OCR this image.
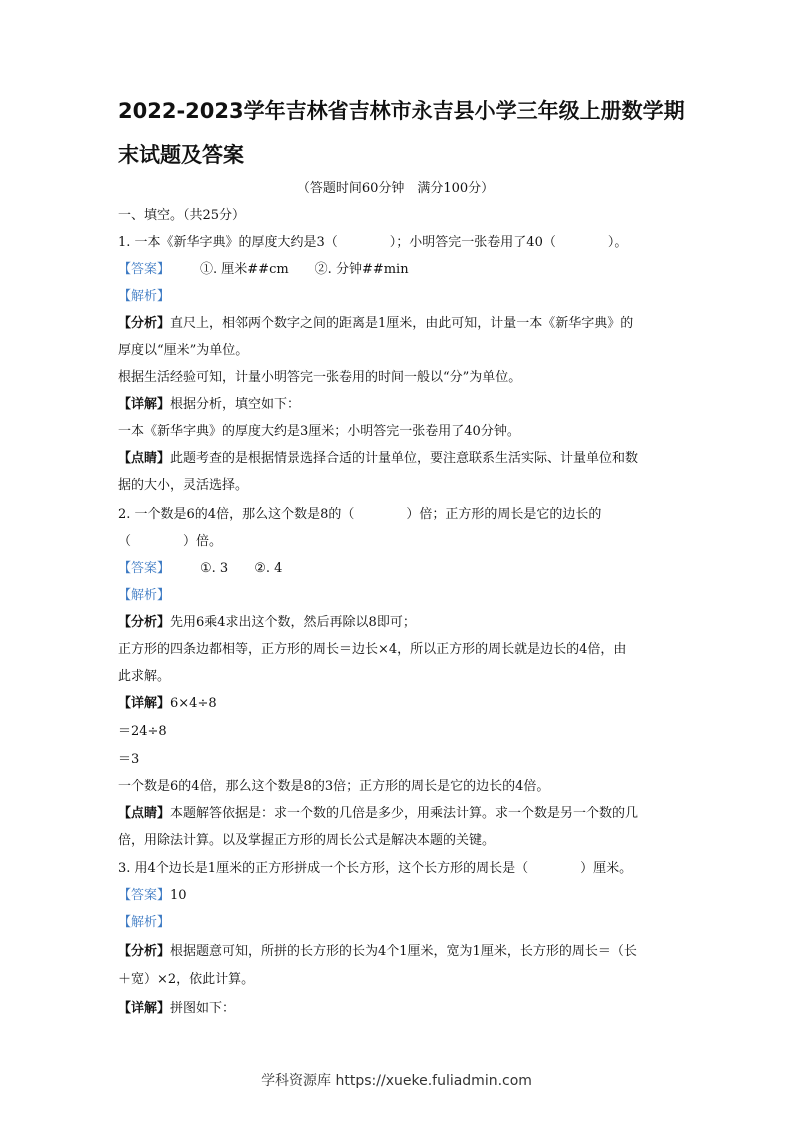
2022-2023学年吉林省吉林市永吉县小学三年级上册数学期
末试题及答案
（答题时间60分钟　满分100分）
一、填空。（共25分）
1. 一本《新华字典》的厚度大约是3（　　　　）；小明答完一张卷用了40（　　　　）。
【答案】 ①. 厘米##cm　　②. 分钟##min
【解析】
【分析】直尺上，相邻两个数字之间的距离是1厘米，由此可知，计量一本《新华字典》的
厚度以“厘米”为单位。
根据生活经验可知，计量小明答完一张卷用的时间一般以“分”为单位。
【详解】根据分析，填空如下：
一本《新华字典》的厚度大约是3厘米；小明答完一张卷用了40分钟。
【点睛】此题考查的是根据情景选择合适的计量单位，要注意联系生活实际、计量单位和数
据的大小，灵活选择。
2. 一个数是6的4倍，那么这个数是8的（　　　　）倍；正方形的周长是它的边长的
（　　　　）倍。
【答案】 ①. 3　　②. 4
【解析】
【分析】先用6乘4求出这个数，然后再除以8即可；
正方形的四条边都相等，正方形的周长＝边长×4，所以正方形的周长就是边长的4倍，由
此求解。
【详解】6×4÷8
＝24÷8
＝3
一个数是6的4倍，那么这个数是8的3倍；正方形的周长是它的边长的4倍。
【点睛】本题解答依据是：求一个数的几倍是多少，用乘法计算。求一个数是另一个数的几
倍，用除法计算。以及掌握正方形的周长公式是解决本题的关键。
3. 用4个边长是1厘米的正方形拼成一个长方形，这个长方形的周长是（　　　　）厘米。
【答案】10
【解析】
【分析】根据题意可知，所拼的长方形的长为4个1厘米，宽为1厘米，长方形的周长＝（长
＋宽）×2，依此计算。
【详解】拼图如下：
学科资源库 https://xueke.fuliadmin.com
